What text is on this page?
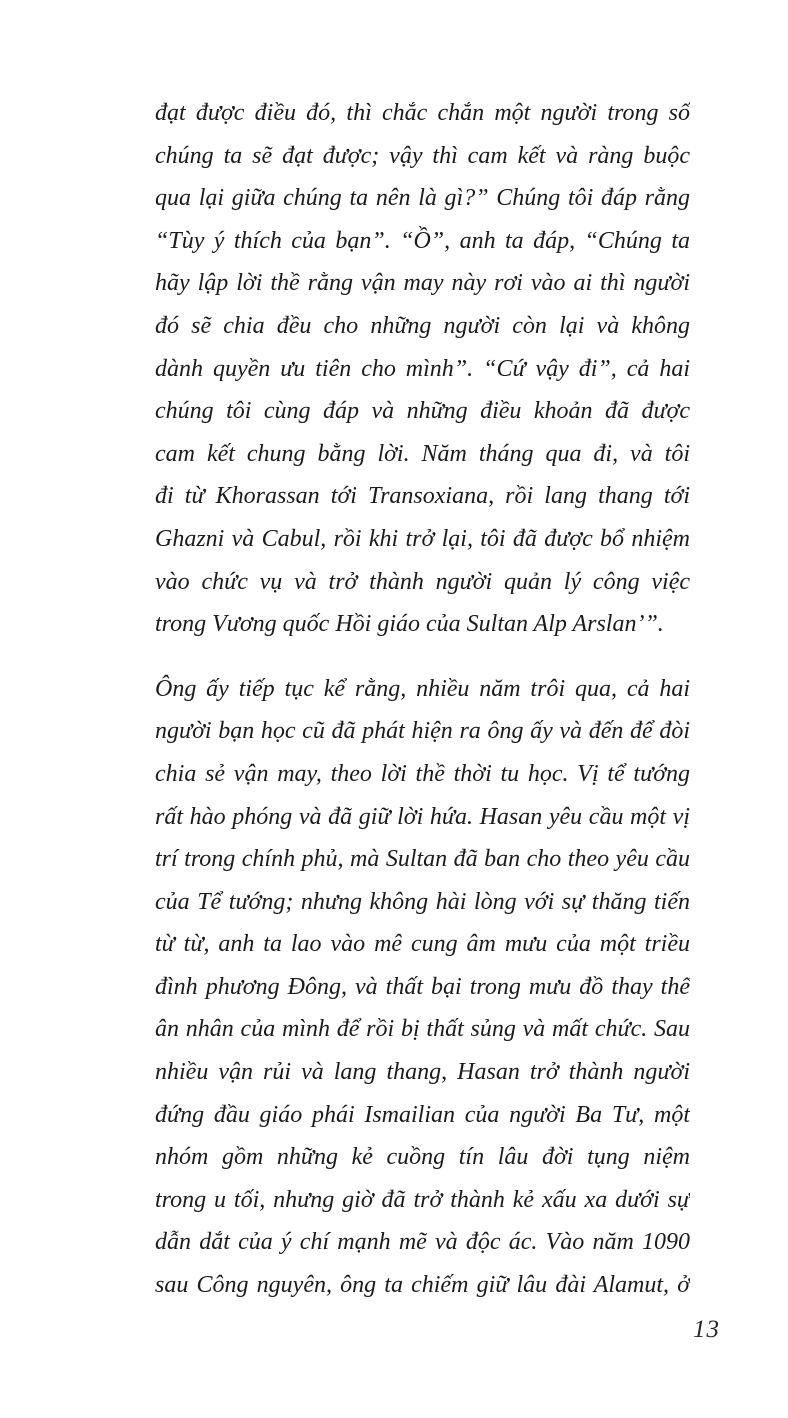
đạt được điều đó, thì chắc chắn một người trong số
chúng ta sẽ đạt được; vậy thì cam kết và ràng buộc
qua lại giữa chúng ta nên là gì?” Chúng tôi đáp rằng
“Tùy ý thích của bạn”. “Ồ”, anh ta đáp, “Chúng ta
hãy lập lời thề rằng vận may này rơi vào ai thì người
đó sẽ chia đều cho những người còn lại và không
dành quyền ưu tiên cho mình”. “Cứ vậy đi”, cả hai
chúng tôi cùng đáp và những điều khoản đã được
cam kết chung bằng lời. Năm tháng qua đi, và tôi
đi từ Khorassan tới Transoxiana, rồi lang thang tới
Ghazni và Cabul, rồi khi trở lại, tôi đã được bổ nhiệm
vào chức vụ và trở thành người quản lý công việc
trong Vương quốc Hồi giáo của Sultan Alp Arslan’”.
Ông ấy tiếp tục kể rằng, nhiều năm trôi qua, cả hai
người bạn học cũ đã phát hiện ra ông ấy và đến để đòi
chia sẻ vận may, theo lời thề thời tu học. Vị tể tướng
rất hào phóng và đã giữ lời hứa. Hasan yêu cầu một vị
trí trong chính phủ, mà Sultan đã ban cho theo yêu cầu
của Tể tướng; nhưng không hài lòng với sự thăng tiến
từ từ, anh ta lao vào mê cung âm mưu của một triều
đình phương Đông, và thất bại trong mưu đồ thay thế
ân nhân của mình để rồi bị thất sủng và mất chức. Sau
nhiều vận rủi và lang thang, Hasan trở thành người
đứng đầu giáo phái Ismailian của người Ba Tư, một
nhóm gồm những kẻ cuồng tín lâu đời tụng niệm
trong u tối, nhưng giờ đã trở thành kẻ xấu xa dưới sự
dẫn dắt của ý chí mạnh mẽ và độc ác. Vào năm 1090
sau Công nguyên, ông ta chiếm giữ lâu đài Alamut, ở
13
